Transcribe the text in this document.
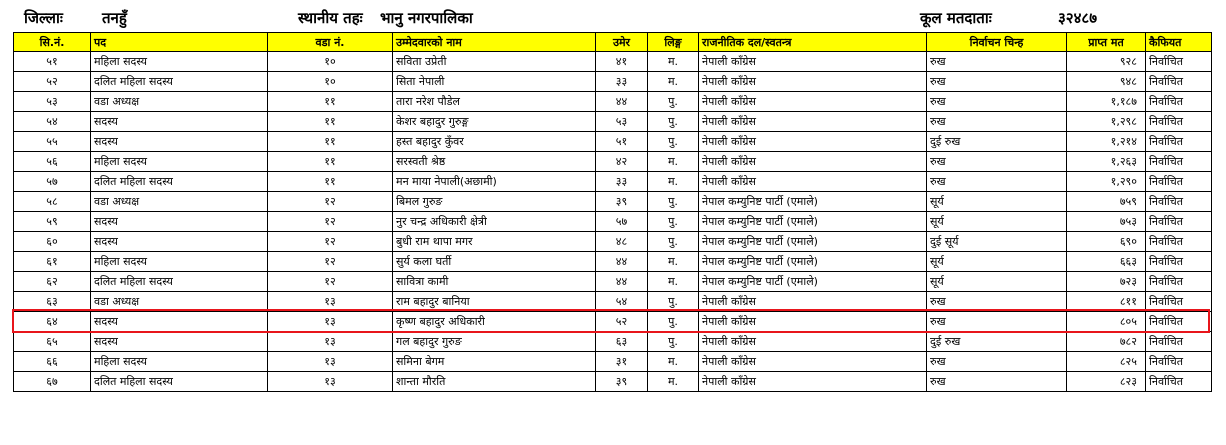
जिल्लाः	तनहुँ	स्थानीय तहः भानु नगरपालिका	कूल मतदाताः	३२४८७
सि.नं.	पद	वडा नं.	उम्मेदवारको नाम	उमेर	लिङ्ग	राजनीतिक दल/स्वतन्त्र	निर्वाचन चिन्ह	प्राप्त मत	कैफियत
५१	महिला सदस्य	१०	सविता उप्रेती	४१	म.	नेपाली काँग्रेस	रुख	९२८	निर्वाचित
५२	दलित महिला सदस्य	१०	सिता नेपाली	३३	म.	नेपाली काँग्रेस	रुख	९४८	निर्वाचित
५३	वडा अध्यक्ष	११	तारा नरेश पौडेल	४४	पु.	नेपाली काँग्रेस	रुख	१,१८७	निर्वाचित
५४	सदस्य	११	केशर बहादुर गुरुङ्ग	५३	पु.	नेपाली काँग्रेस	रुख	१,२९८	निर्वाचित
५५	सदस्य	११	हस्त बहादुर कुँवर	५१	पु.	नेपाली काँग्रेस	दुई रुख	१,२१४	निर्वाचित
५६	महिला सदस्य	११	सरस्वती श्रेष्ठ	४२	म.	नेपाली काँग्रेस	रुख	१,२६३	निर्वाचित
५७	दलित महिला सदस्य	११	मन माया नेपाली(अछामी)	३३	म.	नेपाली काँग्रेस	रुख	१,२९०	निर्वाचित
५८	वडा अध्यक्ष	१२	बिमल गुरुङ	३९	पु.	नेपाल कम्युनिष्ट पार्टी (एमाले)	सूर्य	७५९	निर्वाचित
५९	सदस्य	१२	नुर चन्द्र अधिकारी क्षेत्री	५७	पु.	नेपाल कम्युनिष्ट पार्टी (एमाले)	सूर्य	७५३	निर्वाचित
६०	सदस्य	१२	बुधी राम थापा मगर	४८	पु.	नेपाल कम्युनिष्ट पार्टी (एमाले)	दुई सूर्य	६९०	निर्वाचित
६१	महिला सदस्य	१२	सुर्य कला घर्ती	४४	म.	नेपाल कम्युनिष्ट पार्टी (एमाले)	सूर्य	६६३	निर्वाचित
६२	दलित महिला सदस्य	१२	सावित्रा कामी	४४	म.	नेपाल कम्युनिष्ट पार्टी (एमाले)	सूर्य	७२३	निर्वाचित
६३	वडा अध्यक्ष	१३	राम बहादुर बानिया	५४	पु.	नेपाली काँग्रेस	रुख	८११	निर्वाचित
६४	सदस्य	१३	कृष्ण बहादुर अधिकारी	५२	पु.	नेपाली काँग्रेस	रुख	८०५	निर्वाचित
६५	सदस्य	१३	गल बहादुर गुरुङ	६३	पु.	नेपाली काँग्रेस	दुई रुख	७८२	निर्वाचित
६६	महिला सदस्य	१३	समिना बेगम	३१	म.	नेपाली काँग्रेस	रुख	८२५	निर्वाचित
६७	दलित महिला सदस्य	१३	शान्ता मौरति	३९	म.	नेपाली काँग्रेस	रुख	८२३	निर्वाचित
